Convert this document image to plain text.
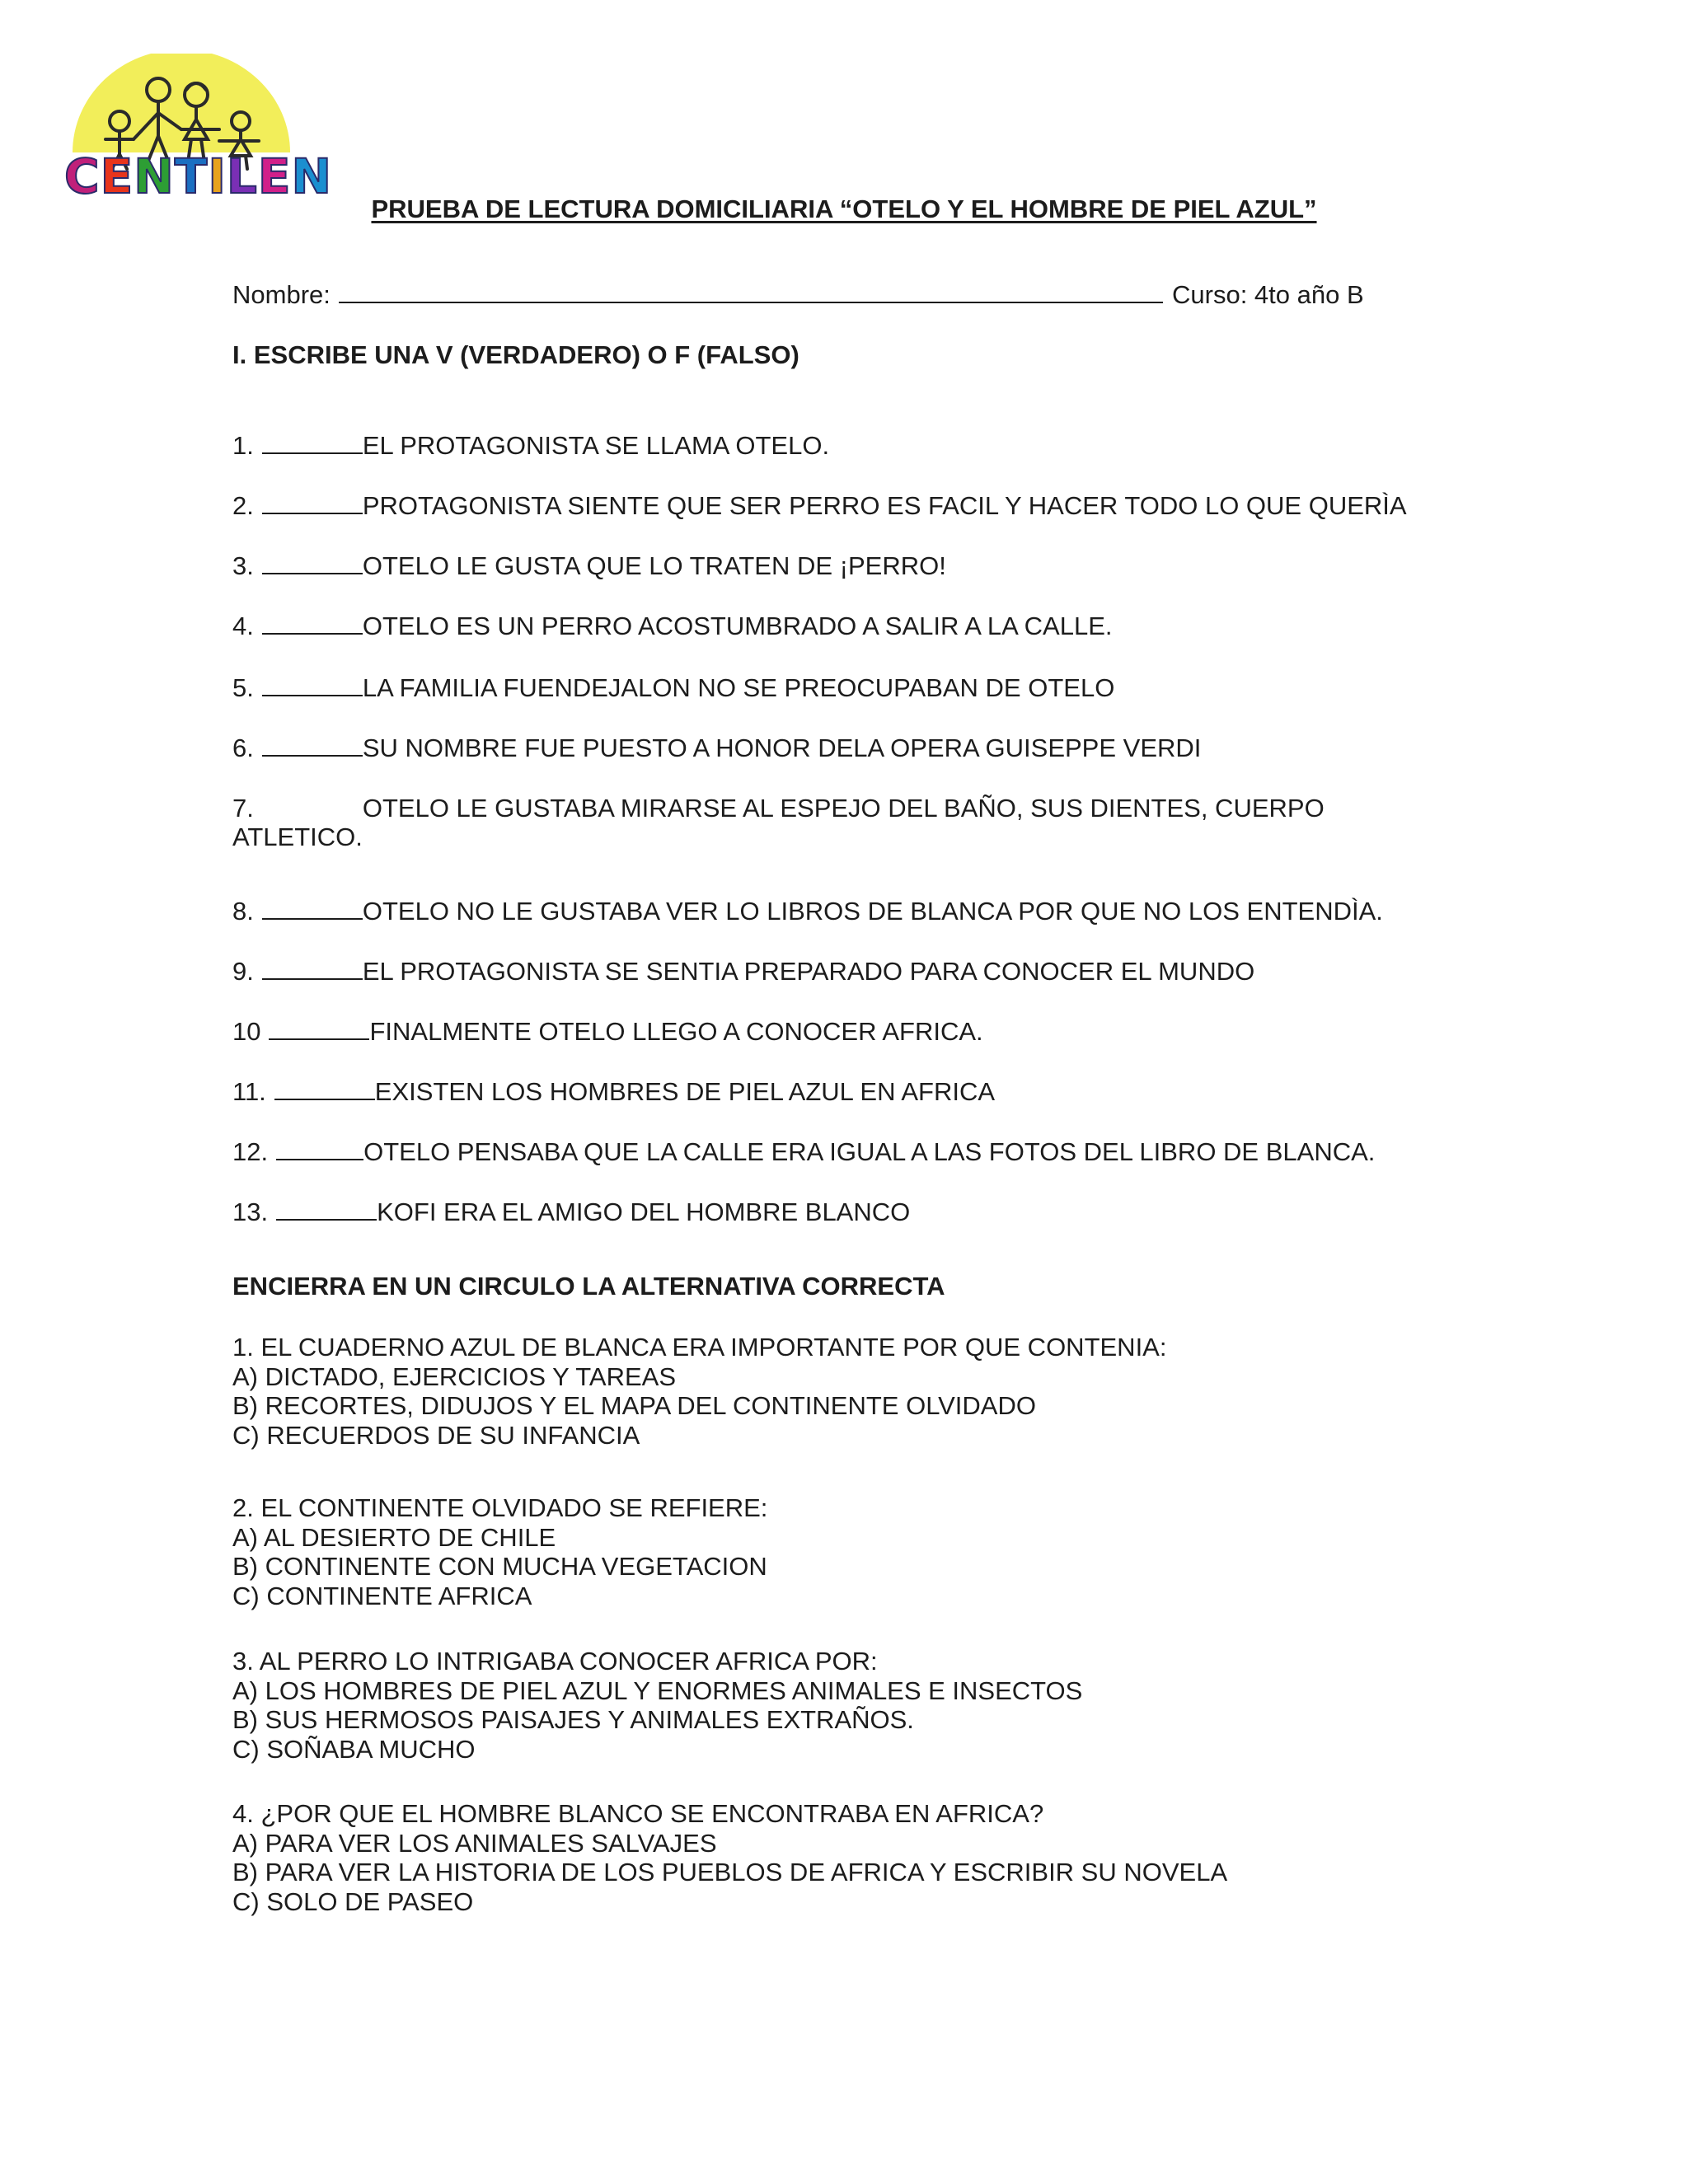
CENTILEN
PRUEBA DE LECTURA DOMICILIARIA “OTELO Y EL HOMBRE DE PIEL AZUL”
Nombre:	Curso: 4to año B
I. ESCRIBE UNA V (VERDADERO) O F (FALSO)
1.	EL PROTAGONISTA SE LLAMA OTELO.
2.	PROTAGONISTA SIENTE QUE SER PERRO ES FACIL Y HACER TODO LO QUE QUERÌA
3.	OTELO LE GUSTA QUE LO TRATEN DE ¡PERRO!
4.	OTELO ES UN PERRO ACOSTUMBRADO A SALIR A LA CALLE.
5.	LA FAMILIA FUENDEJALON NO SE PREOCUPABAN DE OTELO
6.	SU NOMBRE FUE PUESTO A HONOR DELA OPERA GUISEPPE VERDI
7.	OTELO LE GUSTABA MIRARSE AL ESPEJO DEL BAÑO, SUS DIENTES, CUERPO
ATLETICO.
8.	OTELO NO LE GUSTABA VER LO LIBROS DE BLANCA POR QUE NO LOS ENTENDÌA.
9.	EL PROTAGONISTA SE SENTIA PREPARADO PARA CONOCER EL MUNDO
10	FINALMENTE OTELO LLEGO A CONOCER AFRICA.
11.	EXISTEN LOS HOMBRES DE PIEL AZUL EN AFRICA
12.	OTELO PENSABA QUE LA CALLE ERA IGUAL A LAS FOTOS DEL LIBRO DE BLANCA.
13.	KOFI ERA EL AMIGO DEL HOMBRE BLANCO
ENCIERRA EN UN CIRCULO LA ALTERNATIVA CORRECTA
1. EL CUADERNO AZUL DE BLANCA ERA IMPORTANTE POR QUE CONTENIA:
A) DICTADO, EJERCICIOS Y TAREAS
B) RECORTES, DIDUJOS Y EL MAPA DEL CONTINENTE OLVIDADO
C) RECUERDOS DE SU INFANCIA
2. EL CONTINENTE OLVIDADO SE REFIERE:
A) AL DESIERTO DE CHILE
B) CONTINENTE CON MUCHA VEGETACION
C) CONTINENTE AFRICA
3. AL PERRO LO INTRIGABA CONOCER AFRICA POR:
A) LOS HOMBRES DE PIEL AZUL Y ENORMES ANIMALES E INSECTOS
B) SUS HERMOSOS PAISAJES Y ANIMALES EXTRAÑOS.
C) SOÑABA MUCHO
4. ¿POR QUE EL HOMBRE BLANCO SE ENCONTRABA EN AFRICA?
A) PARA VER LOS ANIMALES SALVAJES
B) PARA VER LA HISTORIA DE LOS PUEBLOS DE AFRICA Y ESCRIBIR SU NOVELA
C) SOLO DE PASEO
